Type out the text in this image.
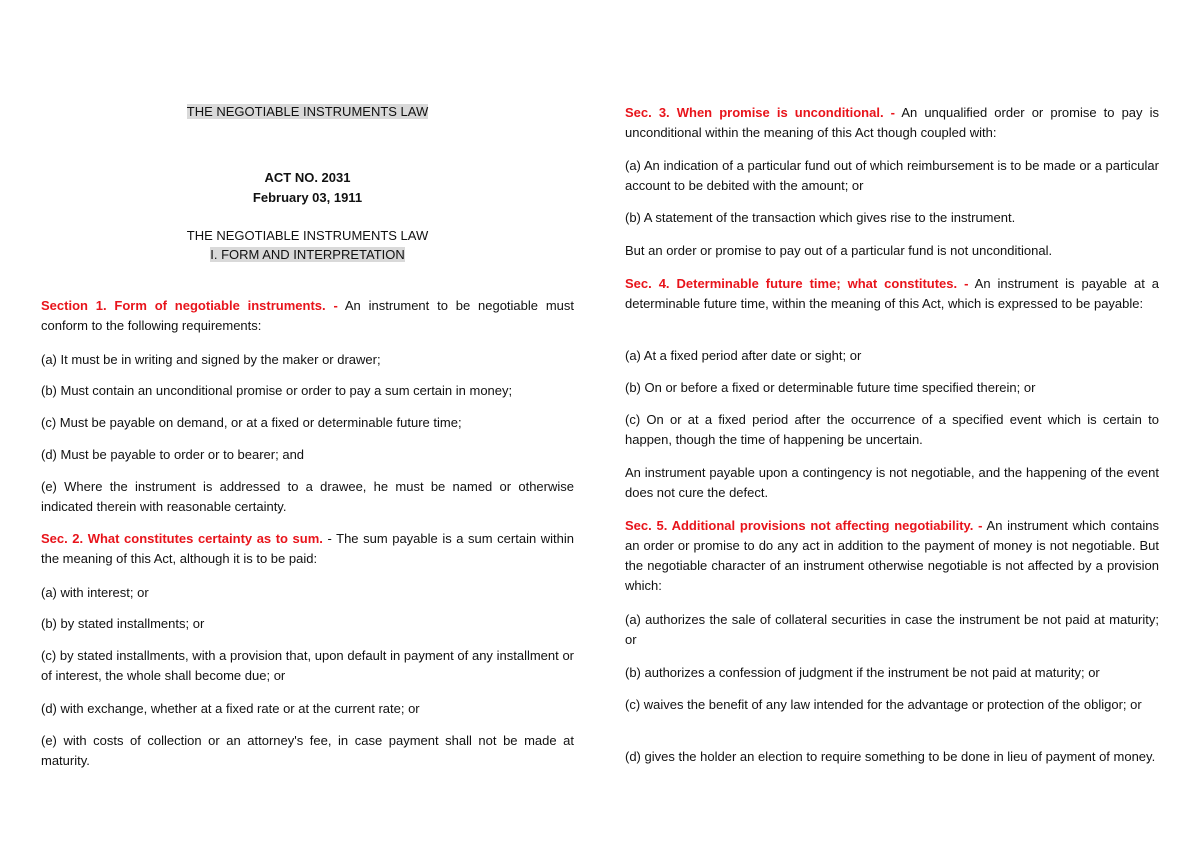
THE NEGOTIABLE INSTRUMENTS LAW
ACT NO. 2031
February 03, 1911
THE NEGOTIABLE INSTRUMENTS LAW
I. FORM AND INTERPRETATION

Section 1. Form of negotiable instruments. - An instrument to be negotiable must conform to the following requirements:

(a) It must be in writing and signed by the maker or drawer;

(b) Must contain an unconditional promise or order to pay a sum certain in money;

(c) Must be payable on demand, or at a fixed or determinable future time;

(d) Must be payable to order or to bearer; and

(e) Where the instrument is addressed to a drawee, he must be named or otherwise indicated therein with reasonable certainty.

Sec. 2. What constitutes certainty as to sum. - The sum payable is a sum certain within the meaning of this Act, although it is to be paid:

(a) with interest; or

(b) by stated installments; or

(c) by stated installments, with a provision that, upon default in payment of any installment or of interest, the whole shall become due; or

(d) with exchange, whether at a fixed rate or at the current rate; or

(e) with costs of collection or an attorney's fee, in case payment shall not be made at maturity.

Sec. 3. When promise is unconditional. - An unqualified order or promise to pay is unconditional within the meaning of this Act though coupled with:

(a) An indication of a particular fund out of which reimbursement is to be made or a particular account to be debited with the amount; or

(b) A statement of the transaction which gives rise to the instrument.

But an order or promise to pay out of a particular fund is not unconditional.

Sec. 4. Determinable future time; what constitutes. - An instrument is payable at a determinable future time, within the meaning of this Act, which is expressed to be payable:

(a) At a fixed period after date or sight; or

(b) On or before a fixed or determinable future time specified therein; or

(c) On or at a fixed period after the occurrence of a specified event which is certain to happen, though the time of happening be uncertain.

An instrument payable upon a contingency is not negotiable, and the happening of the event does not cure the defect.

Sec. 5. Additional provisions not affecting negotiability. - An instrument which contains an order or promise to do any act in addition to the payment of money is not negotiable. But the negotiable character of an instrument otherwise negotiable is not affected by a provision which:

(a) authorizes the sale of collateral securities in case the instrument be not paid at maturity; or

(b) authorizes a confession of judgment if the instrument be not paid at maturity; or

(c) waives the benefit of any law intended for the advantage or protection of the obligor; or

(d) gives the holder an election to require something to be done in lieu of payment of money.
